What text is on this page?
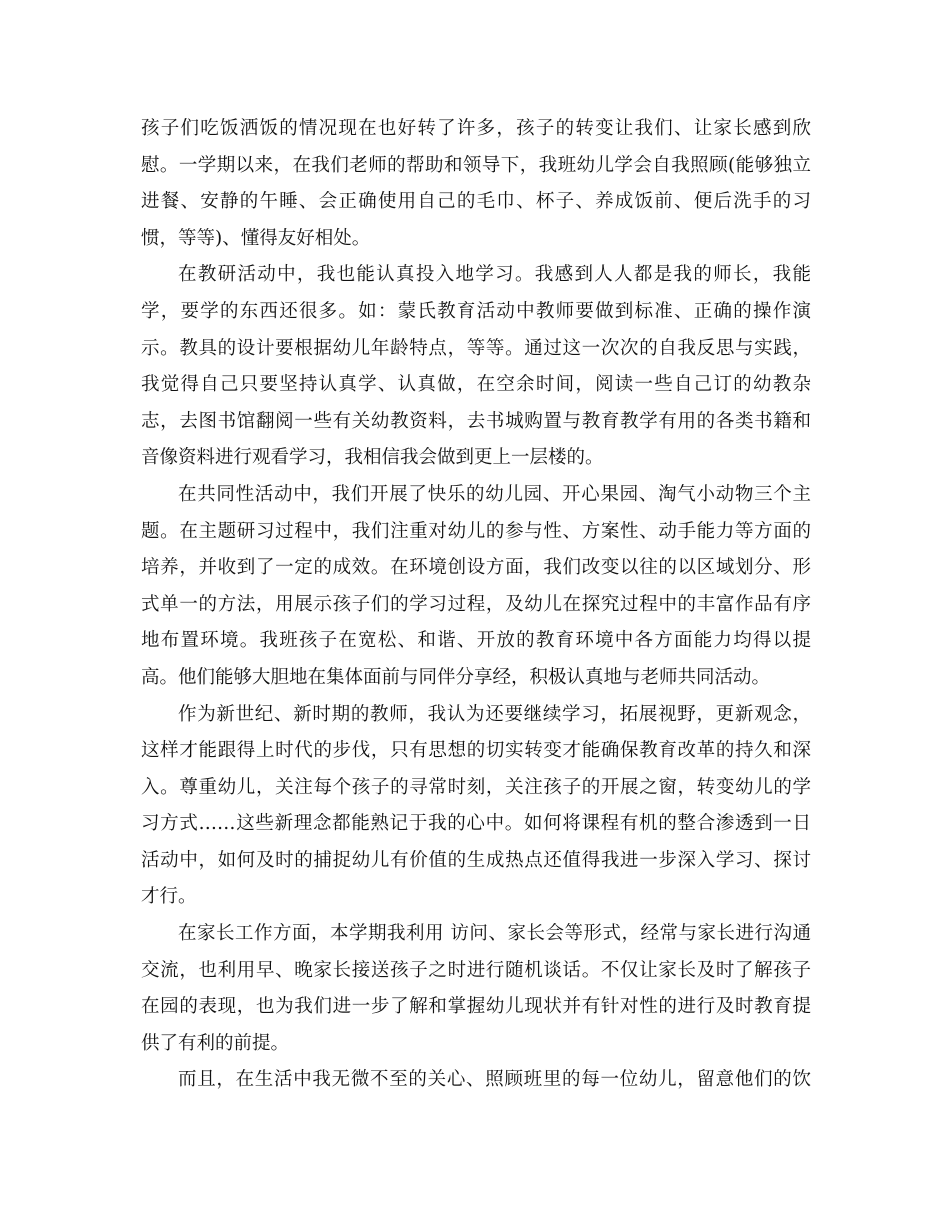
孩子们吃饭洒饭的情况现在也好转了许多，孩子的转变让我们、让家长感到欣
慰。一学期以来，在我们老师的帮助和领导下，我班幼儿学会自我照顾(能够独立
进餐、安静的午睡、会正确使用自己的毛巾、杯子、养成饭前、便后洗手的习
惯，等等)、懂得友好相处。
在教研活动中，我也能认真投入地学习。我感到人人都是我的师长，我能
学，要学的东西还很多。如：蒙氏教育活动中教师要做到标准、正确的操作演
示。教具的设计要根据幼儿年龄特点，等等。通过这一次次的自我反思与实践，
我觉得自己只要坚持认真学、认真做，在空余时间，阅读一些自己订的幼教杂
志，去图书馆翻阅一些有关幼教资料，去书城购置与教育教学有用的各类书籍和
音像资料进行观看学习，我相信我会做到更上一层楼的。
在共同性活动中，我们开展了快乐的幼儿园、开心果园、淘气小动物三个主
题。在主题研习过程中，我们注重对幼儿的参与性、方案性、动手能力等方面的
培养，并收到了一定的成效。在环境创设方面，我们改变以往的以区域划分、形
式单一的方法，用展示孩子们的学习过程，及幼儿在探究过程中的丰富作品有序
地布置环境。我班孩子在宽松、和谐、开放的教育环境中各方面能力均得以提
高。他们能够大胆地在集体面前与同伴分享经，积极认真地与老师共同活动。
作为新世纪、新时期的教师，我认为还要继续学习，拓展视野，更新观念，
这样才能跟得上时代的步伐，只有思想的切实转变才能确保教育改革的持久和深
入。尊重幼儿，关注每个孩子的寻常时刻，关注孩子的开展之窗，转变幼儿的学
习方式……这些新理念都能熟记于我的心中。如何将课程有机的整合渗透到一日
活动中，如何及时的捕捉幼儿有价值的生成热点还值得我进一步深入学习、探讨
才行。
在家长工作方面，本学期我利用 访问、家长会等形式，经常与家长进行沟通
交流，也利用早、晚家长接送孩子之时进行随机谈话。不仅让家长及时了解孩子
在园的表现，也为我们进一步了解和掌握幼儿现状并有针对性的进行及时教育提
供了有利的前提。
而且，在生活中我无微不至的关心、照顾班里的每一位幼儿，留意他们的饮
